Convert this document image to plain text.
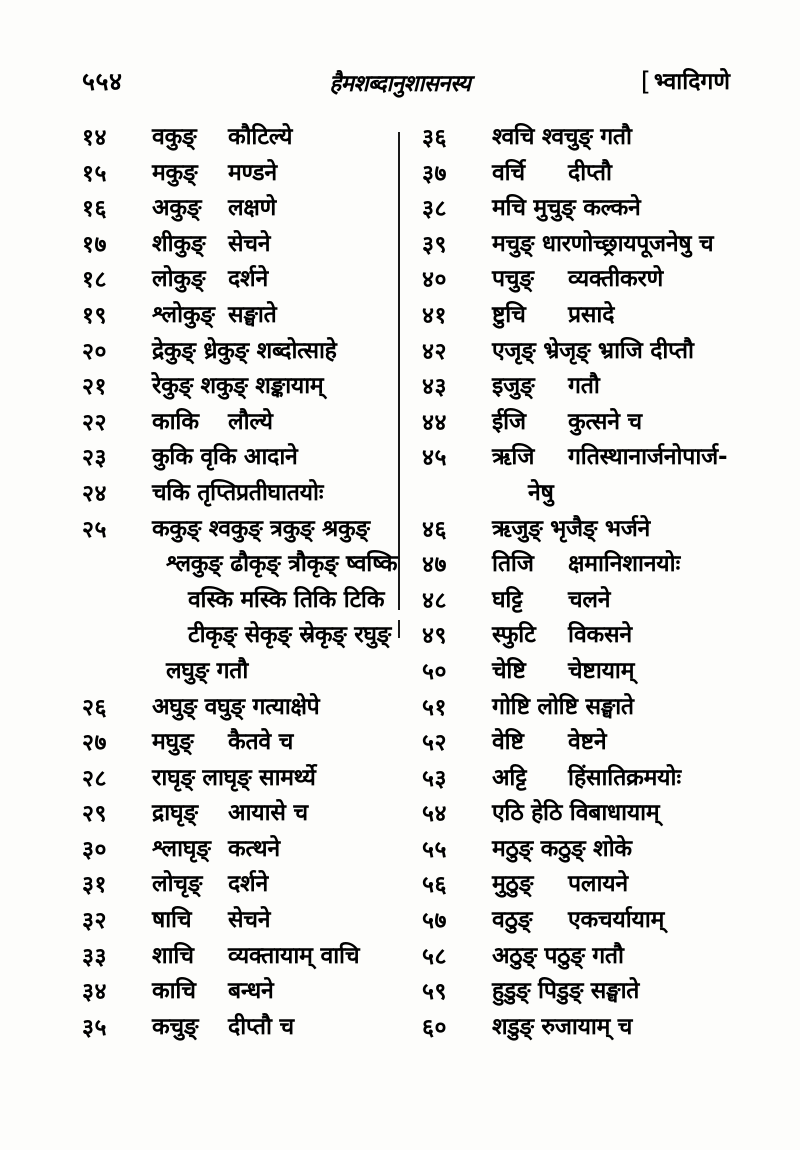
५५४	हैमशब्दानुशासनस्य	[ भ्वादिगणे
१४	वकुङ् कौटिल्ये
१५	मकुङ् मण्डने
१६	अकुङ् लक्षणे
१७	शीकुङ् सेचने
१८	लोकुङ् दर्शने
१९	श्लोकुङ् सङ्घाते
२०	द्रेकुङ् ध्रेकुङ् शब्दोत्साहे
२१	रेकुङ् शकुङ् शङ्कायाम्
२२	काकि लौल्ये
२३	कुकि वृकि आदाने
२४	चकि तृप्तिप्रतीघातयोः
२५	ककुङ् श्वकुङ् त्रकुङ् श्रकुङ्
श्लकुङ् ढौकृङ् त्रौकृङ् ष्वष्कि
वस्कि मस्कि तिकि टिकि
टीकृङ् सेकृङ् स्रेकृङ् रघुङ्
लघुङ् गतौ
२६	अघुङ् वघुङ् गत्याक्षेपे
२७	मघुङ् कैतवे च
२८	राघृङ् लाघृङ् सामर्थ्ये
२९	द्राघृङ् आयासे च
३०	श्लाघृङ् कत्थने
३१	लोचृङ् दर्शने
३२	षाचि सेचने
३३	शाचि व्यक्तायाम् वाचि
३४	काचि बन्धने
३५	कचुङ् दीप्तौ च
३६	श्वचि श्वचुङ् गतौ
३७	वर्चि दीप्तौ
३८	मचि मुचुङ् कल्कने
३९	मचुङ् धारणोच्छ्रायपूजनेषु च
४०	पचुङ् व्यक्तीकरणे
४१	ष्टुचि प्रसादे
४२	एजृङ् भ्रेजृङ् भ्राजि दीप्तौ
४३	इजुङ् गतौ
४४	ईजि कुत्सने च
४५	ऋजि गतिस्थानार्जनोपार्ज-
नेषु
४६	ऋजुङ् भृजैङ् भर्जने
४७	तिजि क्षमानिशानयोः
४८	घट्टि चलने
४९	स्फुटि विकसने
५०	चेष्टि चेष्टायाम्
५१	गोष्टि लोष्टि सङ्घाते
५२	वेष्टि वेष्टने
५३	अट्टि हिंसातिक्रमयोः
५४	एठि हेठि विबाधायाम्
५५	मठुङ् कठुङ् शोके
५६	मुठुङ् पलायने
५७	वठुङ् एकचर्यायाम्
५८	अठुङ् पठुङ् गतौ
५९	हुडुङ् पिडुङ् सङ्घाते
६०	शडुङ् रुजायाम् च
